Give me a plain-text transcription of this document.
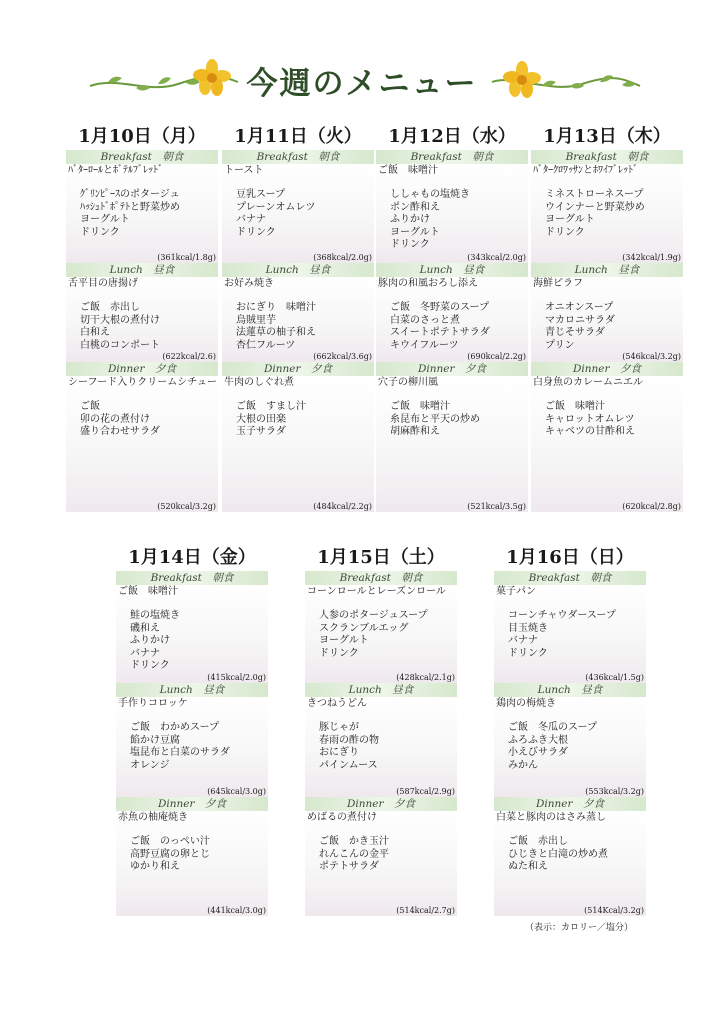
今週のメニュー
1月10日（月）
Breakfast　朝食
ﾊﾞﾀｰﾛｰﾙとﾎﾞﾃﾙﾌﾞﾚｯﾄﾞ
ｸﾞﾘﾝﾋﾟｰｽのポタージュ
ﾊｯｼｭﾄﾞﾎﾟﾃﾄと野菜炒め
ヨーグルト
ドリンク
(361kcal/1.8g)
Lunch　昼食
舌平目の唐揚げ
ご飯　赤出し
切干大根の煮付け
白和え
白桃のコンポート
(622kcal/2.6)
Dinner　夕食
シーフード入りクリームシチュー
ご飯
卯の花の煮付け
盛り合わせサラダ
(520kcal/3.2g)
1月11日（火）
Breakfast　朝食
トースト
豆乳スープ
プレーンオムレツ
バナナ
ドリンク
(368kcal/2.0g)
Lunch　昼食
お好み焼き
おにぎり　味噌汁
烏賊里芋
法蓮草の柚子和え
杏仁フルーツ
(662kcal/3.6g)
Dinner　夕食
牛肉のしぐれ煮
ご飯　すまし汁
大根の田楽
玉子サラダ
(484kcal/2.2g)
1月12日（水）
Breakfast　朝食
ご飯　味噌汁
ししゃもの塩焼き
ポン酢和え
ふりかけ
ヨーグルト
ドリンク
(343kcal/2.0g)
Lunch　昼食
豚肉の和風おろし添え
ご飯　冬野菜のスープ
白菜のさっと煮
スイートポテトサラダ
キウイフルーツ
(690kcal/2.2g)
Dinner　夕食
穴子の柳川風
ご飯　味噌汁
糸昆布と平天の炒め
胡麻酢和え
(521kcal/3.5g)
1月13日（木）
Breakfast　朝食
ﾊﾞﾀｰｸﾛﾜｯｻﾝとﾎﾜｲﾌﾞﾚｯﾄﾞ
ミネストローネスープ
ウインナーと野菜炒め
ヨーグルト
ドリンク
(342kcal/1.9g)
Lunch　昼食
海鮮ピラフ
オニオンスープ
マカロニサラダ
青じそサラダ
プリン
(546kcal/3.2g)
Dinner　夕食
白身魚のカレームニエル
ご飯　味噌汁
キャロットオムレツ
キャベツの甘酢和え
(620kcal/2.8g)
1月14日（金）
Breakfast　朝食
ご飯　味噌汁
鮭の塩焼き
磯和え
ふりかけ
バナナ
ドリンク
(415kcal/2.0g)
Lunch　昼食
手作りコロッケ
ご飯　わかめスープ
餡かけ豆腐
塩昆布と白菜のサラダ
オレンジ
(645kcal/3.0g)
Dinner　夕食
赤魚の柚庵焼き
ご飯　のっぺい汁
高野豆腐の卵とじ
ゆかり和え
(441kcal/3.0g)
1月15日（土）
Breakfast　朝食
コーンロールとレーズンロール
人参のポタージュスープ
スクランブルエッグ
ヨーグルト
ドリンク
(428kcal/2.1g)
Lunch　昼食
きつねうどん
豚じゃが
春雨の酢の物
おにぎり
パインムース
(587kcal/2.9g)
Dinner　夕食
めばるの煮付け
ご飯　かき玉汁
れんこんの金平
ポテトサラダ
(514kcal/2.7g)
1月16日（日）
Breakfast　朝食
菓子パン
コーンチャウダースープ
目玉焼き
バナナ
ドリンク
(436kcal/1.5g)
Lunch　昼食
鶏肉の梅焼き
ご飯　冬瓜のスープ
ふろふき大根
小えびサラダ
みかん
(553kcal/3.2g)
Dinner　夕食
白菜と豚肉のはさみ蒸し
ご飯　赤出し
ひじきと白滝の炒め煮
ぬた和え
(514Kcal/3.2g)
（表示：カロリー／塩分）
